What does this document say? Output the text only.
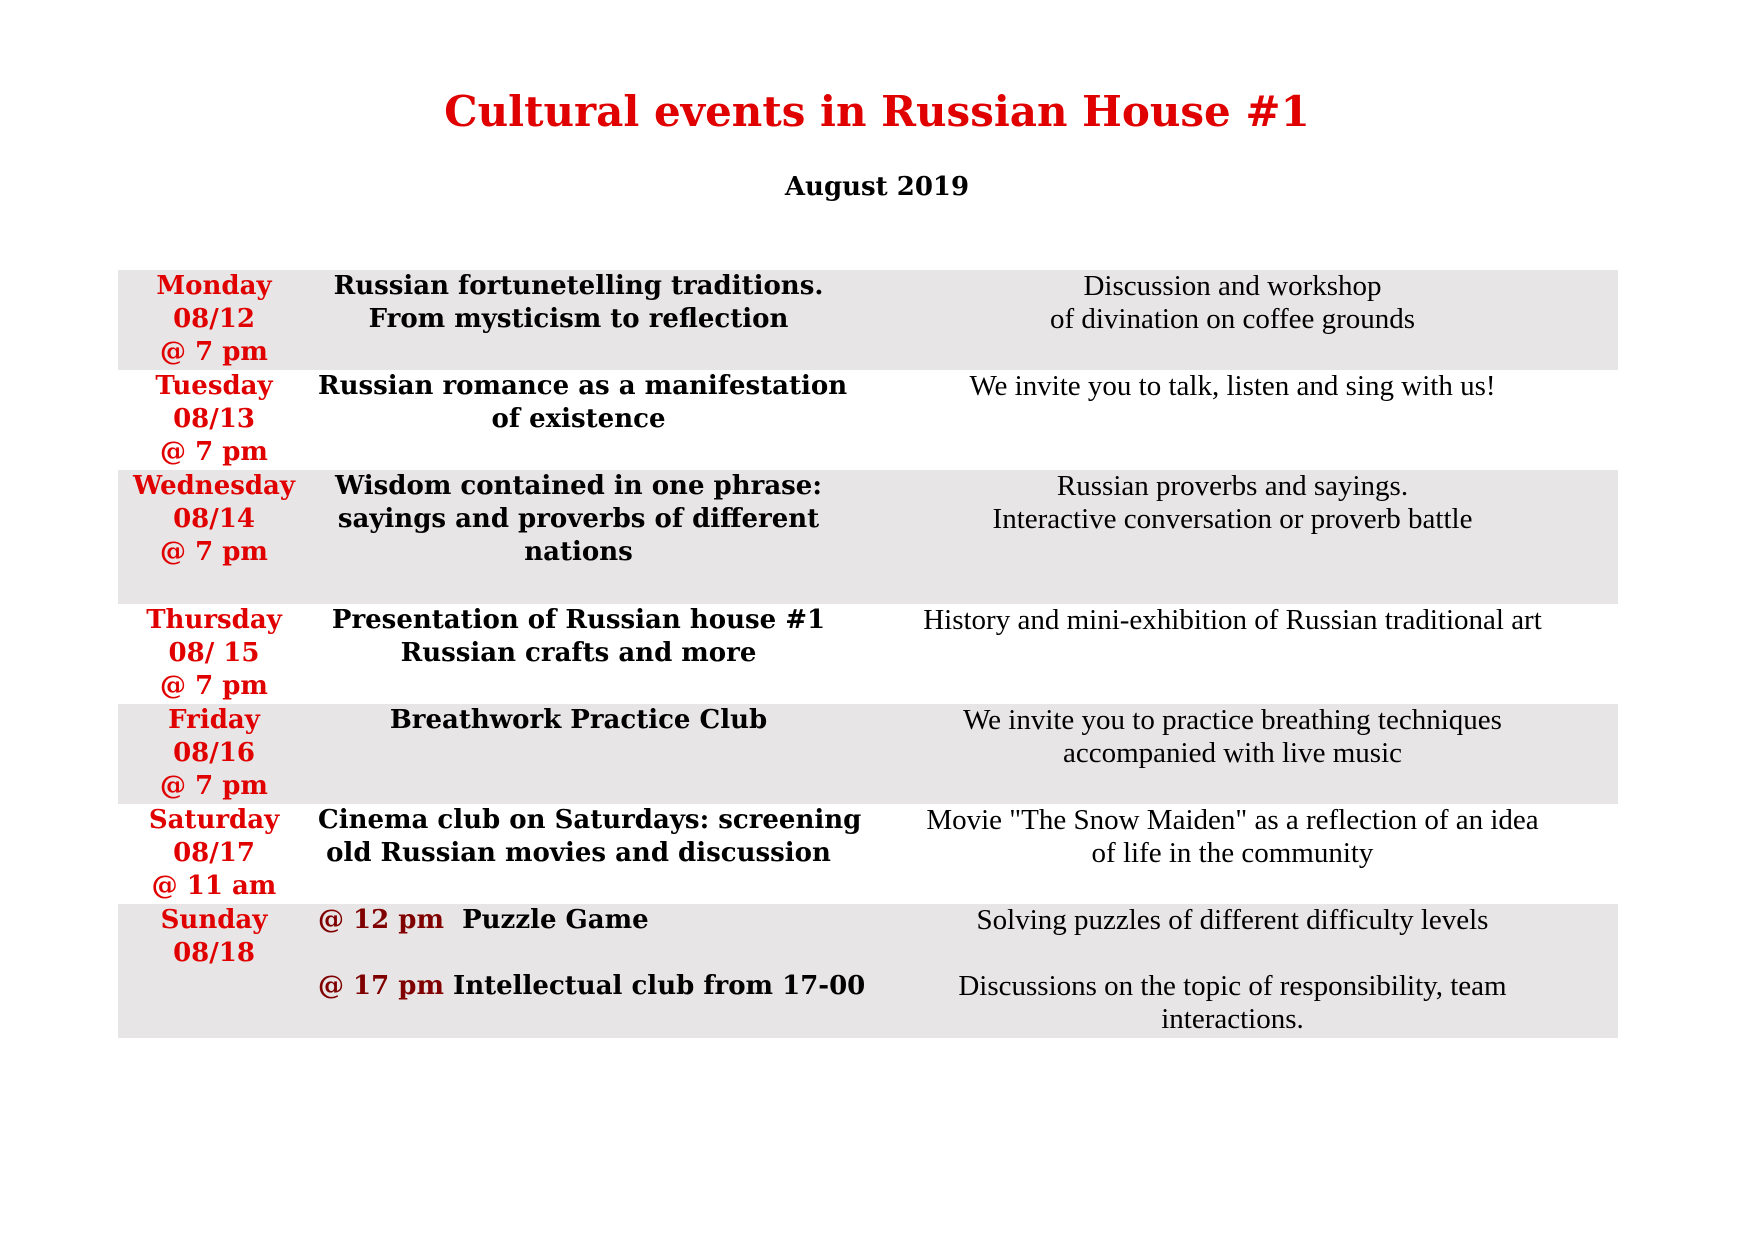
Cultural events in Russian House #1
August 2019
Monday
08/12
@ 7 pm
Russian fortunetelling traditions.
From mysticism to reflection
Discussion and workshop
of divination on coffee grounds
Tuesday
08/13
@ 7 pm
Russian romance as a manifestation
of existence
We invite you to talk, listen and sing with us!
Wednesday
08/14
@ 7 pm
Wisdom contained in one phrase:
sayings and proverbs of different
nations
Russian proverbs and sayings.
Interactive conversation or proverb battle
Thursday
08/ 15
@ 7 pm
Presentation of Russian house #1
Russian crafts and more
History and mini-exhibition of Russian traditional art
Friday
08/16
@ 7 pm
Breathwork Practice Club	We invite you to practice breathing techniques
accompanied with live music
Saturday
08/17
@ 11 am
Cinema club on Saturdays: screening
old Russian movies and discussion
Movie "The Snow Maiden" as a reflection of an idea
of life in the community
Sunday
08/18
@ 12 pm Puzzle Game
@ 17 pm Intellectual club from 17-00
Solving puzzles of different difficulty levels
Discussions on the topic of responsibility, team
interactions.
